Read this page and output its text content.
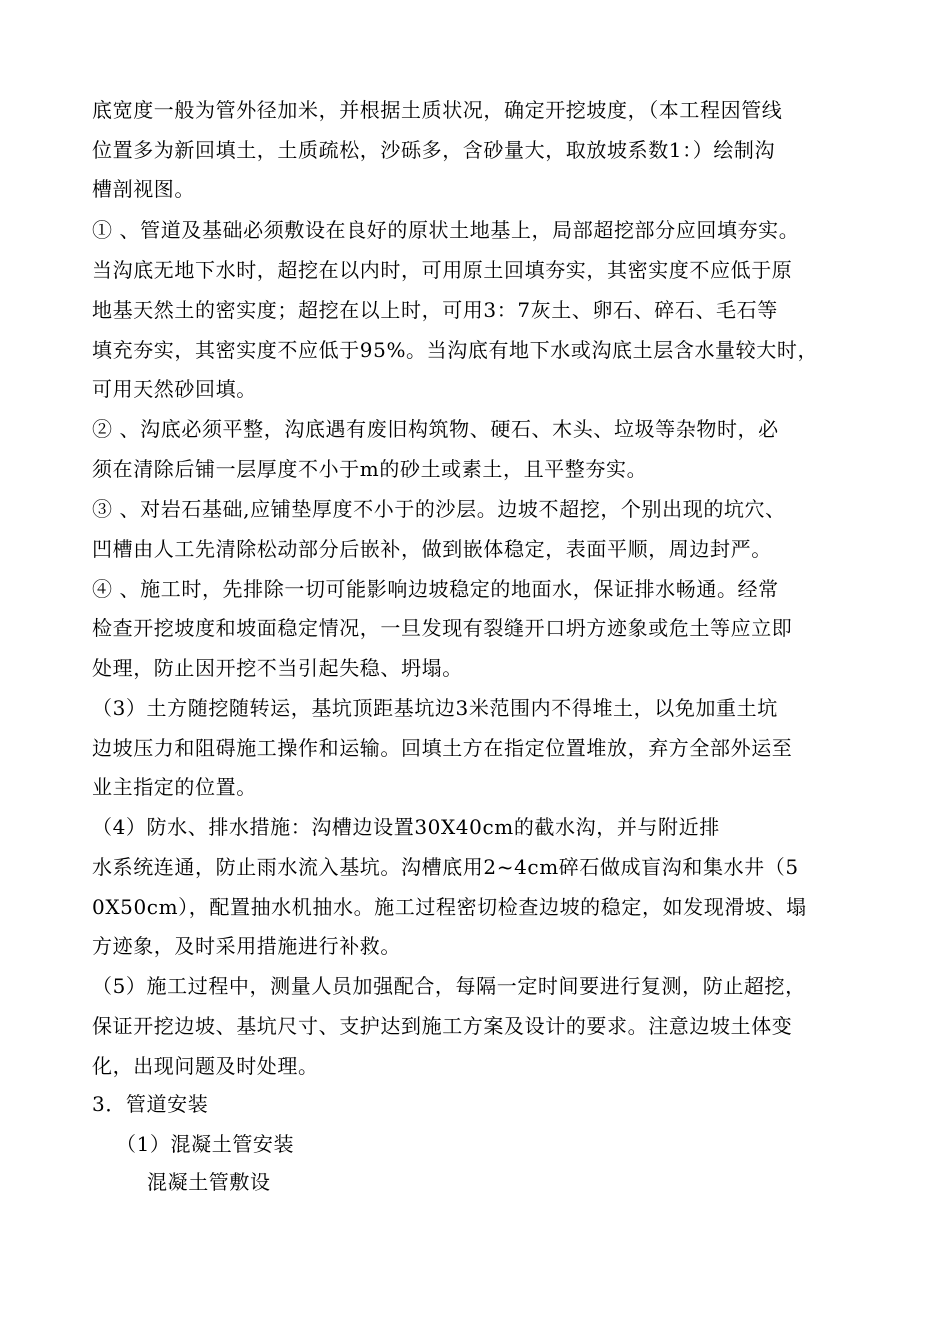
底宽度一般为管外径加米，并根据土质状况，确定开挖坡度，（本工程因管线
位置多为新回填土，土质疏松，沙砾多，含砂量大，取放坡系数1：）绘制沟
槽剖视图。
① 、管道及基础必须敷设在良好的原状土地基上，局部超挖部分应回填夯实。
当沟底无地下水时，超挖在以内时，可用原土回填夯实，其密实度不应低于原
地基天然土的密实度；超挖在以上时，可用3：7灰土、卵石、碎石、毛石等
填充夯实，其密实度不应低于95%。当沟底有地下水或沟底土层含水量较大时，
可用天然砂回填。
② 、沟底必须平整，沟底遇有废旧构筑物、硬石、木头、垃圾等杂物时，必
须在清除后铺一层厚度不小于m的砂土或素土，且平整夯实。
③ 、对岩石基础,应铺垫厚度不小于的沙层。边坡不超挖，个别出现的坑穴、
凹槽由人工先清除松动部分后嵌补，做到嵌体稳定，表面平顺，周边封严。
④ 、施工时，先排除一切可能影响边坡稳定的地面水，保证排水畅通。经常
检查开挖坡度和坡面稳定情况，一旦发现有裂缝开口坍方迹象或危土等应立即
处理，防止因开挖不当引起失稳、坍塌。
（3）土方随挖随转运，基坑顶距基坑边3米范围内不得堆土，以免加重土坑
边坡压力和阻碍施工操作和运输。回填土方在指定位置堆放，弃方全部外运至
业主指定的位置。
（4）防水、排水措施：沟槽边设置30X40cm的截水沟，并与附近排
水系统连通，防止雨水流入基坑。沟槽底用2~4cm碎石做成盲沟和集水井（5
0X50cm），配置抽水机抽水。施工过程密切检查边坡的稳定，如发现滑坡、塌
方迹象，及时采用措施进行补救。
（5）施工过程中，测量人员加强配合，每隔一定时间要进行复测，防止超挖，
保证开挖边坡、基坑尺寸、支护达到施工方案及设计的要求。注意边坡土体变
化，出现问题及时处理。
3．管道安装
（1）混凝土管安装
混凝土管敷设
